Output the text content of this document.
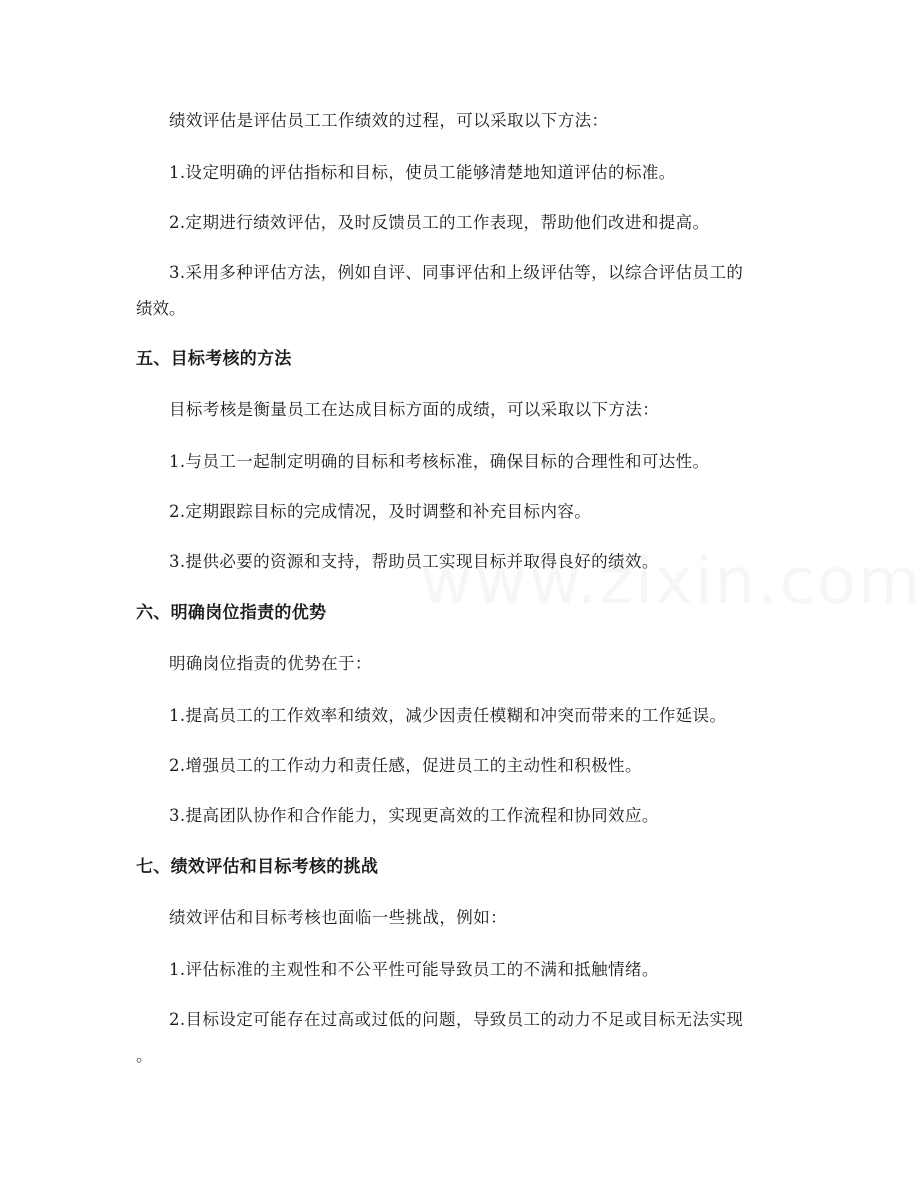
绩效评估是评估员工工作绩效的过程，可以采取以下方法：
1.设定明确的评估指标和目标，使员工能够清楚地知道评估的标准。
2.定期进行绩效评估，及时反馈员工的工作表现，帮助他们改进和提高。
3.采用多种评估方法，例如自评、同事评估和上级评估等，以综合评估员工的
绩效。
五、目标考核的方法
目标考核是衡量员工在达成目标方面的成绩，可以采取以下方法：
1.与员工一起制定明确的目标和考核标准，确保目标的合理性和可达性。
2.定期跟踪目标的完成情况，及时调整和补充目标内容。
3.提供必要的资源和支持，帮助员工实现目标并取得良好的绩效。
六、明确岗位指责的优势
明确岗位指责的优势在于：
1.提高员工的工作效率和绩效，减少因责任模糊和冲突而带来的工作延误。
2.增强员工的工作动力和责任感，促进员工的主动性和积极性。
3.提高团队协作和合作能力，实现更高效的工作流程和协同效应。
七、绩效评估和目标考核的挑战
绩效评估和目标考核也面临一些挑战，例如：
1.评估标准的主观性和不公平性可能导致员工的不满和抵触情绪。
2.目标设定可能存在过高或过低的问题，导致员工的动力不足或目标无法实现
。
